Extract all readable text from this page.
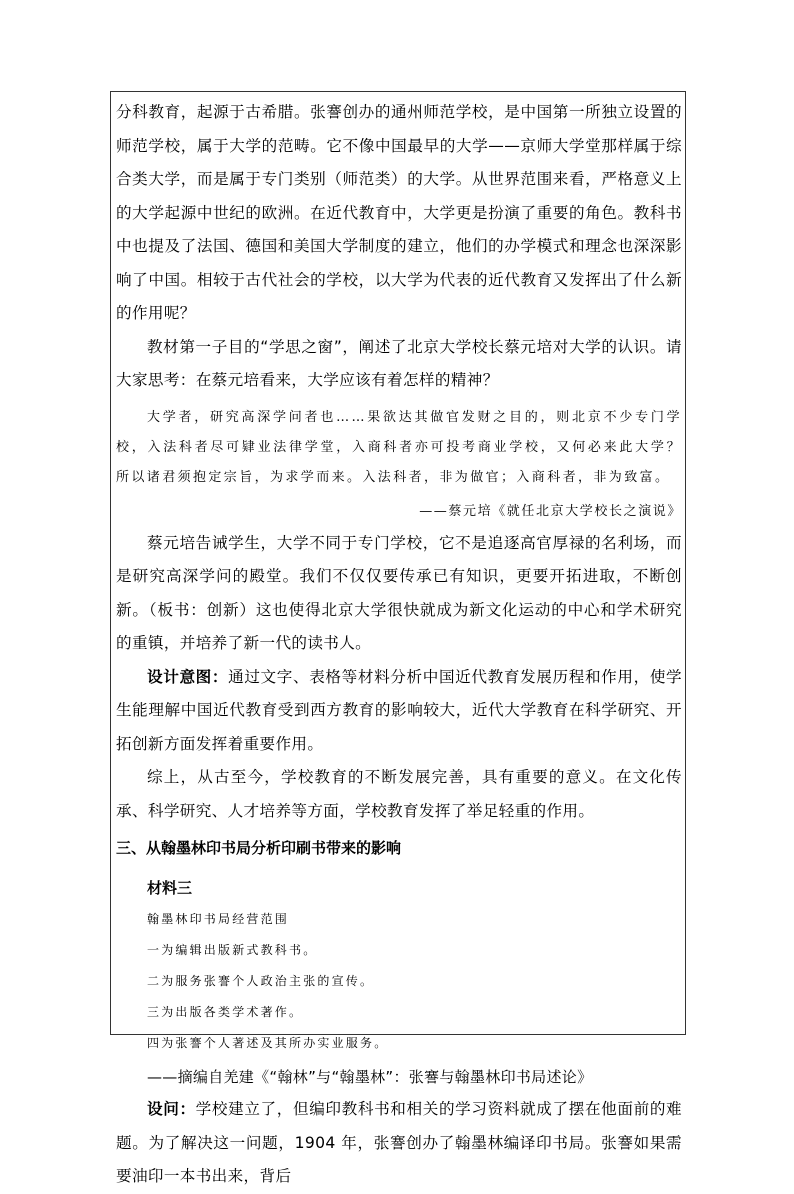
分科教育，起源于古希腊。张謇创办的通州师范学校，是中国第一所独立设置的师范学校，属于大学的范畴。它不像中国最早的大学——京师大学堂那样属于综合类大学，而是属于专门类别（师范类）的大学。从世界范围来看，严格意义上的大学起源中世纪的欧洲。在近代教育中，大学更是扮演了重要的角色。教科书中也提及了法国、德国和美国大学制度的建立，他们的办学模式和理念也深深影响了中国。相较于古代社会的学校，以大学为代表的近代教育又发挥出了什么新的作用呢？

教材第一子目的“学思之窗”，阐述了北京大学校长蔡元培对大学的认识。请大家思考：在蔡元培看来，大学应该有着怎样的精神？

大学者，研究高深学问者也……果欲达其做官发财之目的，则北京不少专门学校，入法科者尽可肄业法律学堂，入商科者亦可投考商业学校，又何必来此大学？所以诸君须抱定宗旨，为求学而来。入法科者，非为做官；入商科者，非为致富。

——蔡元培《就任北京大学校长之演说》

蔡元培告诫学生，大学不同于专门学校，它不是追逐高官厚禄的名利场，而是研究高深学问的殿堂。我们不仅仅要传承已有知识，更要开拓进取，不断创新。（板书：创新）这也使得北京大学很快就成为新文化运动的中心和学术研究的重镇，并培养了新一代的读书人。

设计意图：通过文字、表格等材料分析中国近代教育发展历程和作用，使学生能理解中国近代教育受到西方教育的影响较大，近代大学教育在科学研究、开拓创新方面发挥着重要作用。

综上，从古至今，学校教育的不断发展完善，具有重要的意义。在文化传承、科学研究、人才培养等方面，学校教育发挥了举足轻重的作用。

三、从翰墨林印书局分析印刷书带来的影响

材料三

翰墨林印书局经营范围

一为编辑出版新式教科书。

二为服务张謇个人政治主张的宣传。

三为出版各类学术著作。

四为张謇个人著述及其所办实业服务。

——摘编自羌建《“翰林”与“翰墨林”：张謇与翰墨林印书局述论》

设问：学校建立了，但编印教科书和相关的学习资料就成了摆在他面前的难题。为了解决这一问题，1904 年，张謇创办了翰墨林编译印书局。张謇如果需要油印一本书出来，背后
